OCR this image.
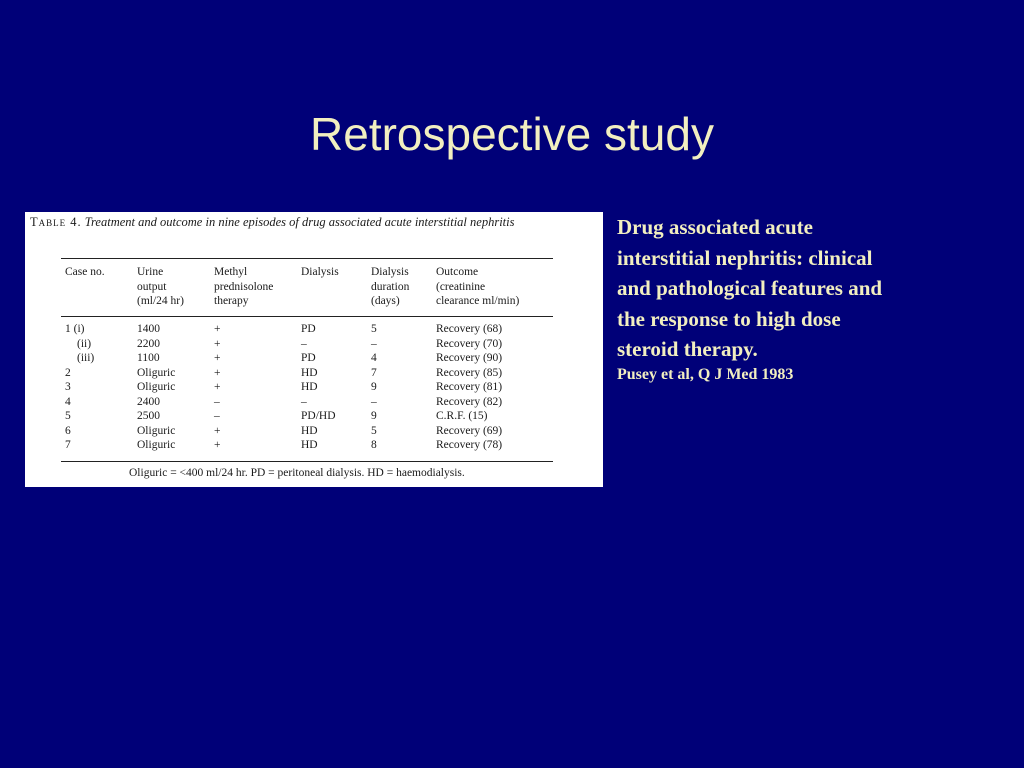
Retrospective study
Table 4. Treatment and outcome in nine episodes of drug associated acute interstitial nephritis
Case no.	Urine
output
(ml/24 hr)
Methyl
prednisolone
therapy
Dialysis	Dialysis
duration
(days)
Outcome
(creatinine
clearance ml/min)
1 (i)
(ii)
(iii)
2
3
4
5
6
7
1400
2200
1100
Oliguric
Oliguric
2400
2500
Oliguric
Oliguric
+
+
+
+
+
–
–
+
+
PD
–
PD
HD
HD
–
PD/HD
HD
HD
5
–
4
7
9
–
9
5
8
Recovery (68)
Recovery (70)
Recovery (90)
Recovery (85)
Recovery (81)
Recovery (82)
C.R.F. (15)
Recovery (69)
Recovery (78)
Oliguric = <400 ml/24 hr. PD = peritoneal dialysis. HD = haemodialysis.
Drug associated acute
interstitial nephritis: clinical
and pathological features and
the response to high dose
steroid therapy.
Pusey et al, Q J Med 1983
